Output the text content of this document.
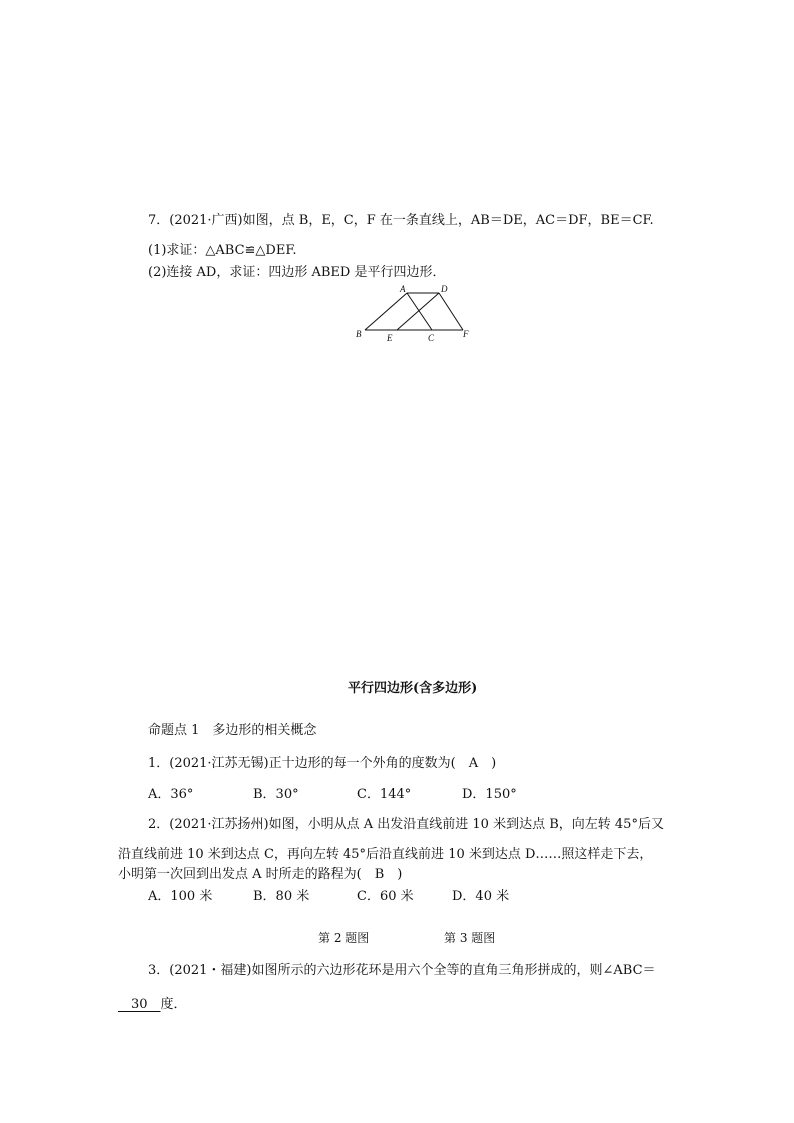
7．(2021·广西)如图，点 B，E，C，F 在一条直线上，AB＝DE，AC＝DF，BE＝CF.
(1)求证：△ABC≌△DEF.
(2)连接 AD，求证：四边形 ABED 是平行四边形．
A	D
B	E	C	F
平行四边形(含多边形)
命题点 1　多边形的相关概念
1．(2021·江苏无锡)正十边形的每一个外角的度数为(　A　)
A．36°	B．30°	C．144°	D．150°
2．(2021·江苏扬州)如图，小明从点 A 出发沿直线前进 10 米到达点 B，向左转 45°后又
沿直线前进 10 米到达点 C，再向左转 45°后沿直线前进 10 米到达点 D……照这样走下去，
小明第一次回到出发点 A 时所走的路程为(　B　)
A．100 米	B．80 米	C．60 米	D．40 米
第 2 题图	第 3 题图
3．(2021・福建)如图所示的六边形花环是用六个全等的直角三角形拼成的，则∠ABC＝
 30  度．
